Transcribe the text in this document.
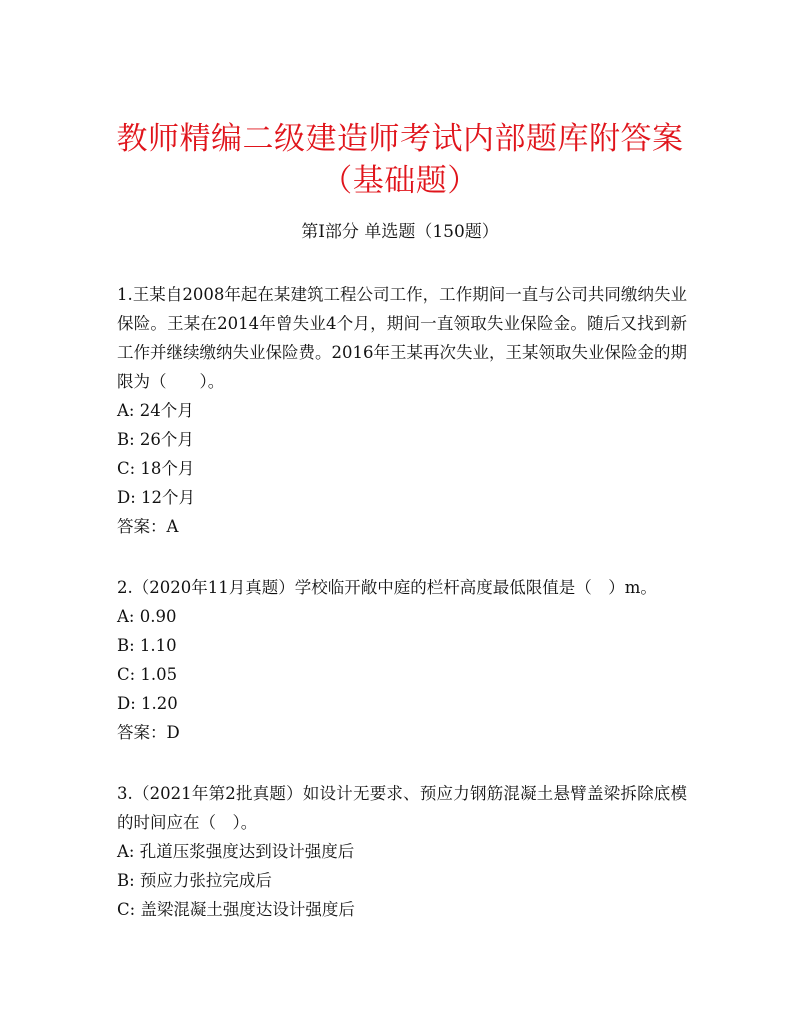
教师精编二级建造师考试内部题库附答案（基础题）
第Ⅰ部分 单选题（150题）
1.王某自2008年起在某建筑工程公司工作，工作期间一直与公司共同缴纳失业保险。王某在2014年曾失业4个月，期间一直领取失业保险金。随后又找到新工作并继续缴纳失业保险费。2016年王某再次失业，王某领取失业保险金的期限为（　　）。
A: 24个月
B: 26个月
C: 18个月
D: 12个月
答案：A
2.（2020年11月真题）学校临开敞中庭的栏杆高度最低限值是（　）m。
A: 0.90
B: 1.10
C: 1.05
D: 1.20
答案：D
3.（2021年第2批真题）如设计无要求、预应力钢筋混凝土悬臂盖梁拆除底模的时间应在（　）。
A: 孔道压浆强度达到设计强度后
B: 预应力张拉完成后
C: 盖梁混凝土强度达设计强度后
